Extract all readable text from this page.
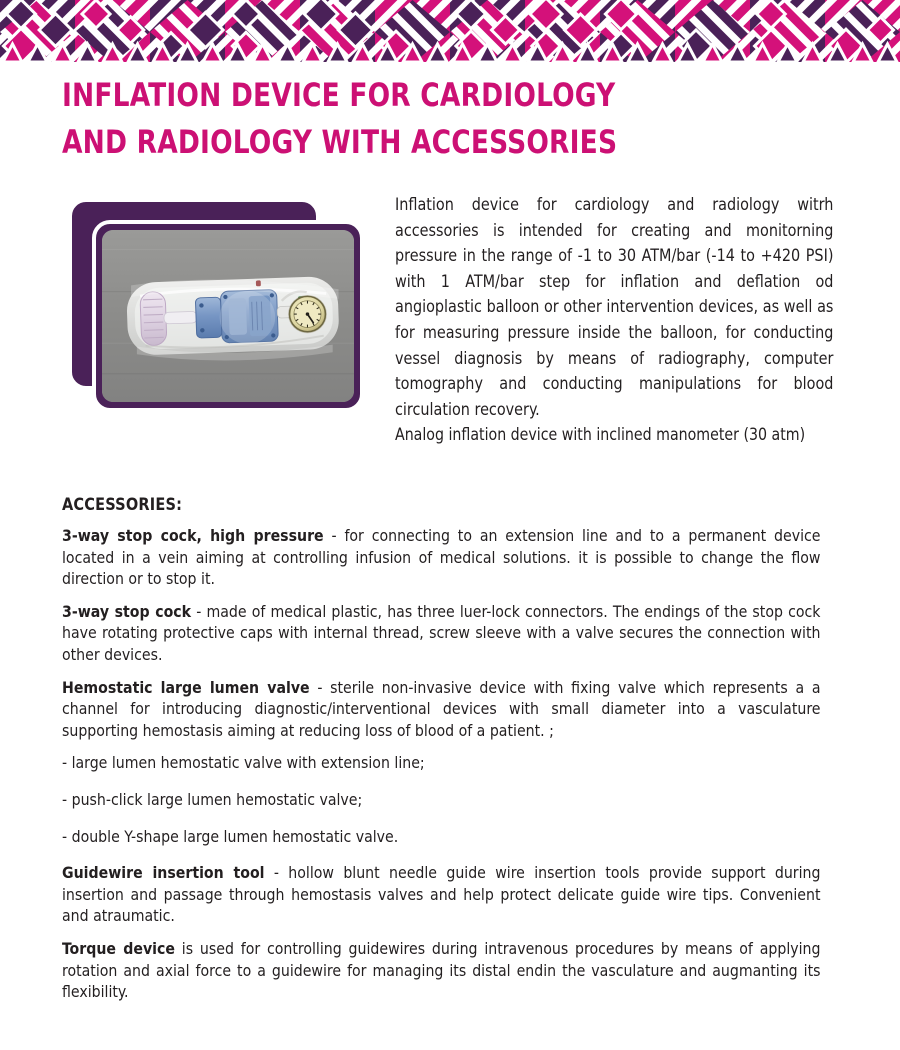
INFLATION DEVICE FOR CARDIOLOGY
AND RADIOLOGY WITH ACCESSORIES
Inflation device for cardiology and radiology witrh accessories is intended for creating and monitorning pressure in the range of -1 to 30 ATM/bar (-14 to +420 PSI) with 1 ATM/bar step for inflation and deflation od angioplastic balloon or other intervention devices, as well as for measuring pressure inside the balloon, for conducting vessel diagnosis by means of radiography, computer tomography and conducting manipulations for blood circulation recovery.
Analog inflation device with inclined manometer (30 atm)
ACCESSORIES:

3-way stop cock, high pressure - for connecting to an extension line and to a permanent device located in a vein aiming at controlling infusion of medical solutions. it is possible to change the flow direction or to stop it.

3-way stop cock - made of medical plastic, has three luer-lock connectors. The endings of the stop cock have rotating protective caps with internal thread, screw sleeve with a valve secures the connection with other devices.

Hemostatic large lumen valve - sterile non-invasive device with fixing valve which represents a a channel for introducing diagnostic/interventional devices with small diameter into a vasculature supporting hemostasis aiming at reducing loss of blood of a patient. ;

- large lumen hemostatic valve with extension line;

- push-click large lumen hemostatic valve;

- double Y-shape large lumen hemostatic valve.

Guidewire insertion tool - hollow blunt needle guide wire insertion tools provide support during insertion and passage through hemostasis valves and help protect delicate guide wire tips. Convenient and atraumatic.

Torque device is used for controlling guidewires during intravenous procedures by means of applying rotation and axial force to a guidewire for managing its distal endin the vasculature and augmanting its flexibility.
